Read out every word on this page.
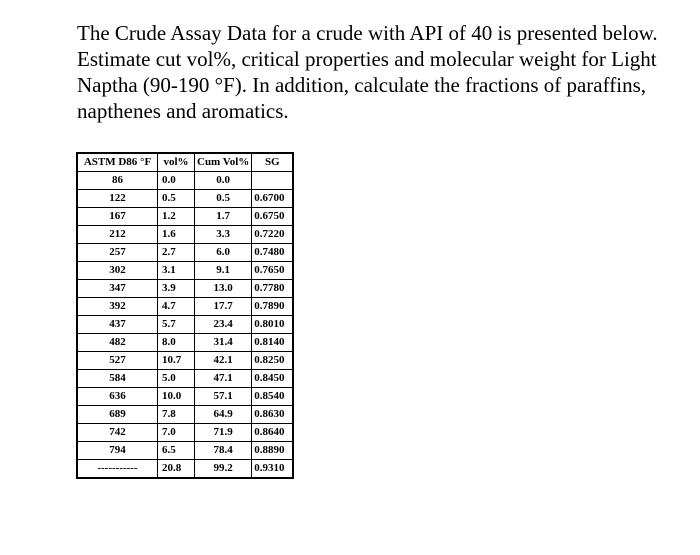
The Crude Assay Data for a crude with API of 40 is presented below. Estimate cut vol%, critical properties and molecular weight for Light Naptha (90-190 °F). In addition, calculate the fractions of paraffins, napthenes and aromatics.

ASTM D86 °F	vol%	Cum Vol%	SG
86	0.0	0.0	
122	0.5	0.5	0.6700
167	1.2	1.7	0.6750
212	1.6	3.3	0.7220
257	2.7	6.0	0.7480
302	3.1	9.1	0.7650
347	3.9	13.0	0.7780
392	4.7	17.7	0.7890
437	5.7	23.4	0.8010
482	8.0	31.4	0.8140
527	10.7	42.1	0.8250
584	5.0	47.1	0.8450
636	10.0	57.1	0.8540
689	7.8	64.9	0.8630
742	7.0	71.9	0.8640
794	6.5	78.4	0.8890
-----------	20.8	99.2	0.9310
